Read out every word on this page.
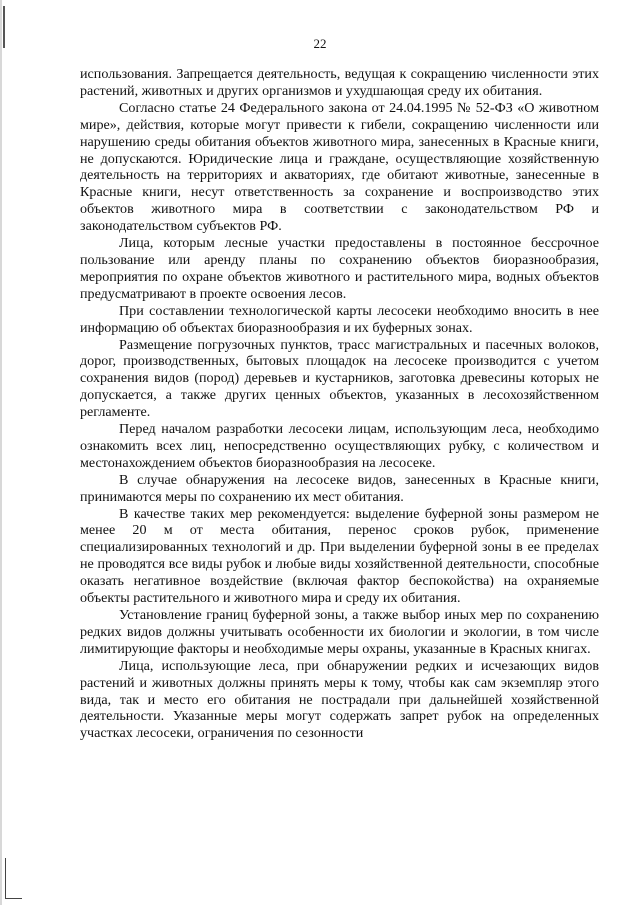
22

использования. Запрещается деятельность, ведущая к сокращению численности этих растений, животных и других организмов и ухудшающая среду их обитания.

Согласно статье 24 Федерального закона от 24.04.1995 № 52-ФЗ «О животном мире», действия, которые могут привести к гибели, сокращению численности или нарушению среды обитания объектов животного мира, занесенных в Красные книги, не допускаются. Юридические лица и граждане, осуществляющие хозяйственную деятельность на территориях и акваториях, где обитают животные, занесенные в Красные книги, несут ответственность за сохранение и воспроизводство этих объектов животного мира в соответствии с законодательством РФ и законодательством субъектов РФ.

Лица, которым лесные участки предоставлены в постоянное бессрочное пользование или аренду планы по сохранению объектов биоразнообразия, мероприятия по охране объектов животного и растительного мира, водных объектов предусматривают в проекте освоения лесов.

При составлении технологической карты лесосеки необходимо вносить в нее информацию об объектах биоразнообразия и их буферных зонах.

Размещение погрузочных пунктов, трасс магистральных и пасечных волоков, дорог, производственных, бытовых площадок на лесосеке производится с учетом сохранения видов (пород) деревьев и кустарников, заготовка древесины которых не допускается, а также других ценных объектов, указанных в лесохозяйственном регламенте.

Перед началом разработки лесосеки лицам, использующим леса, необходимо ознакомить всех лиц, непосредственно осуществляющих рубку, с количеством и местонахождением объектов биоразнообразия на лесосеке.

В случае обнаружения на лесосеке видов, занесенных в Красные книги, принимаются меры по сохранению их мест обитания.

В качестве таких мер рекомендуется: выделение буферной зоны размером не менее 20 м от места обитания, перенос сроков рубок, применение специализированных технологий и др. При выделении буферной зоны в ее пределах не проводятся все виды рубок и любые виды хозяйственной деятельности, способные оказать негативное воздействие (включая фактор беспокойства) на охраняемые объекты растительного и животного мира и среду их обитания.

Установление границ буферной зоны, а также выбор иных мер по сохранению редких видов должны учитывать особенности их биологии и экологии, в том числе лимитирующие факторы и необходимые меры охраны, указанные в Красных книгах.

Лица, использующие леса, при обнаружении редких и исчезающих видов растений и животных должны принять меры к тому, чтобы как сам экземпляр этого вида, так и место его обитания не пострадали при дальнейшей хозяйственной деятельности. Указанные меры могут содержать запрет рубок на определенных участках лесосеки, ограничения по сезонности
